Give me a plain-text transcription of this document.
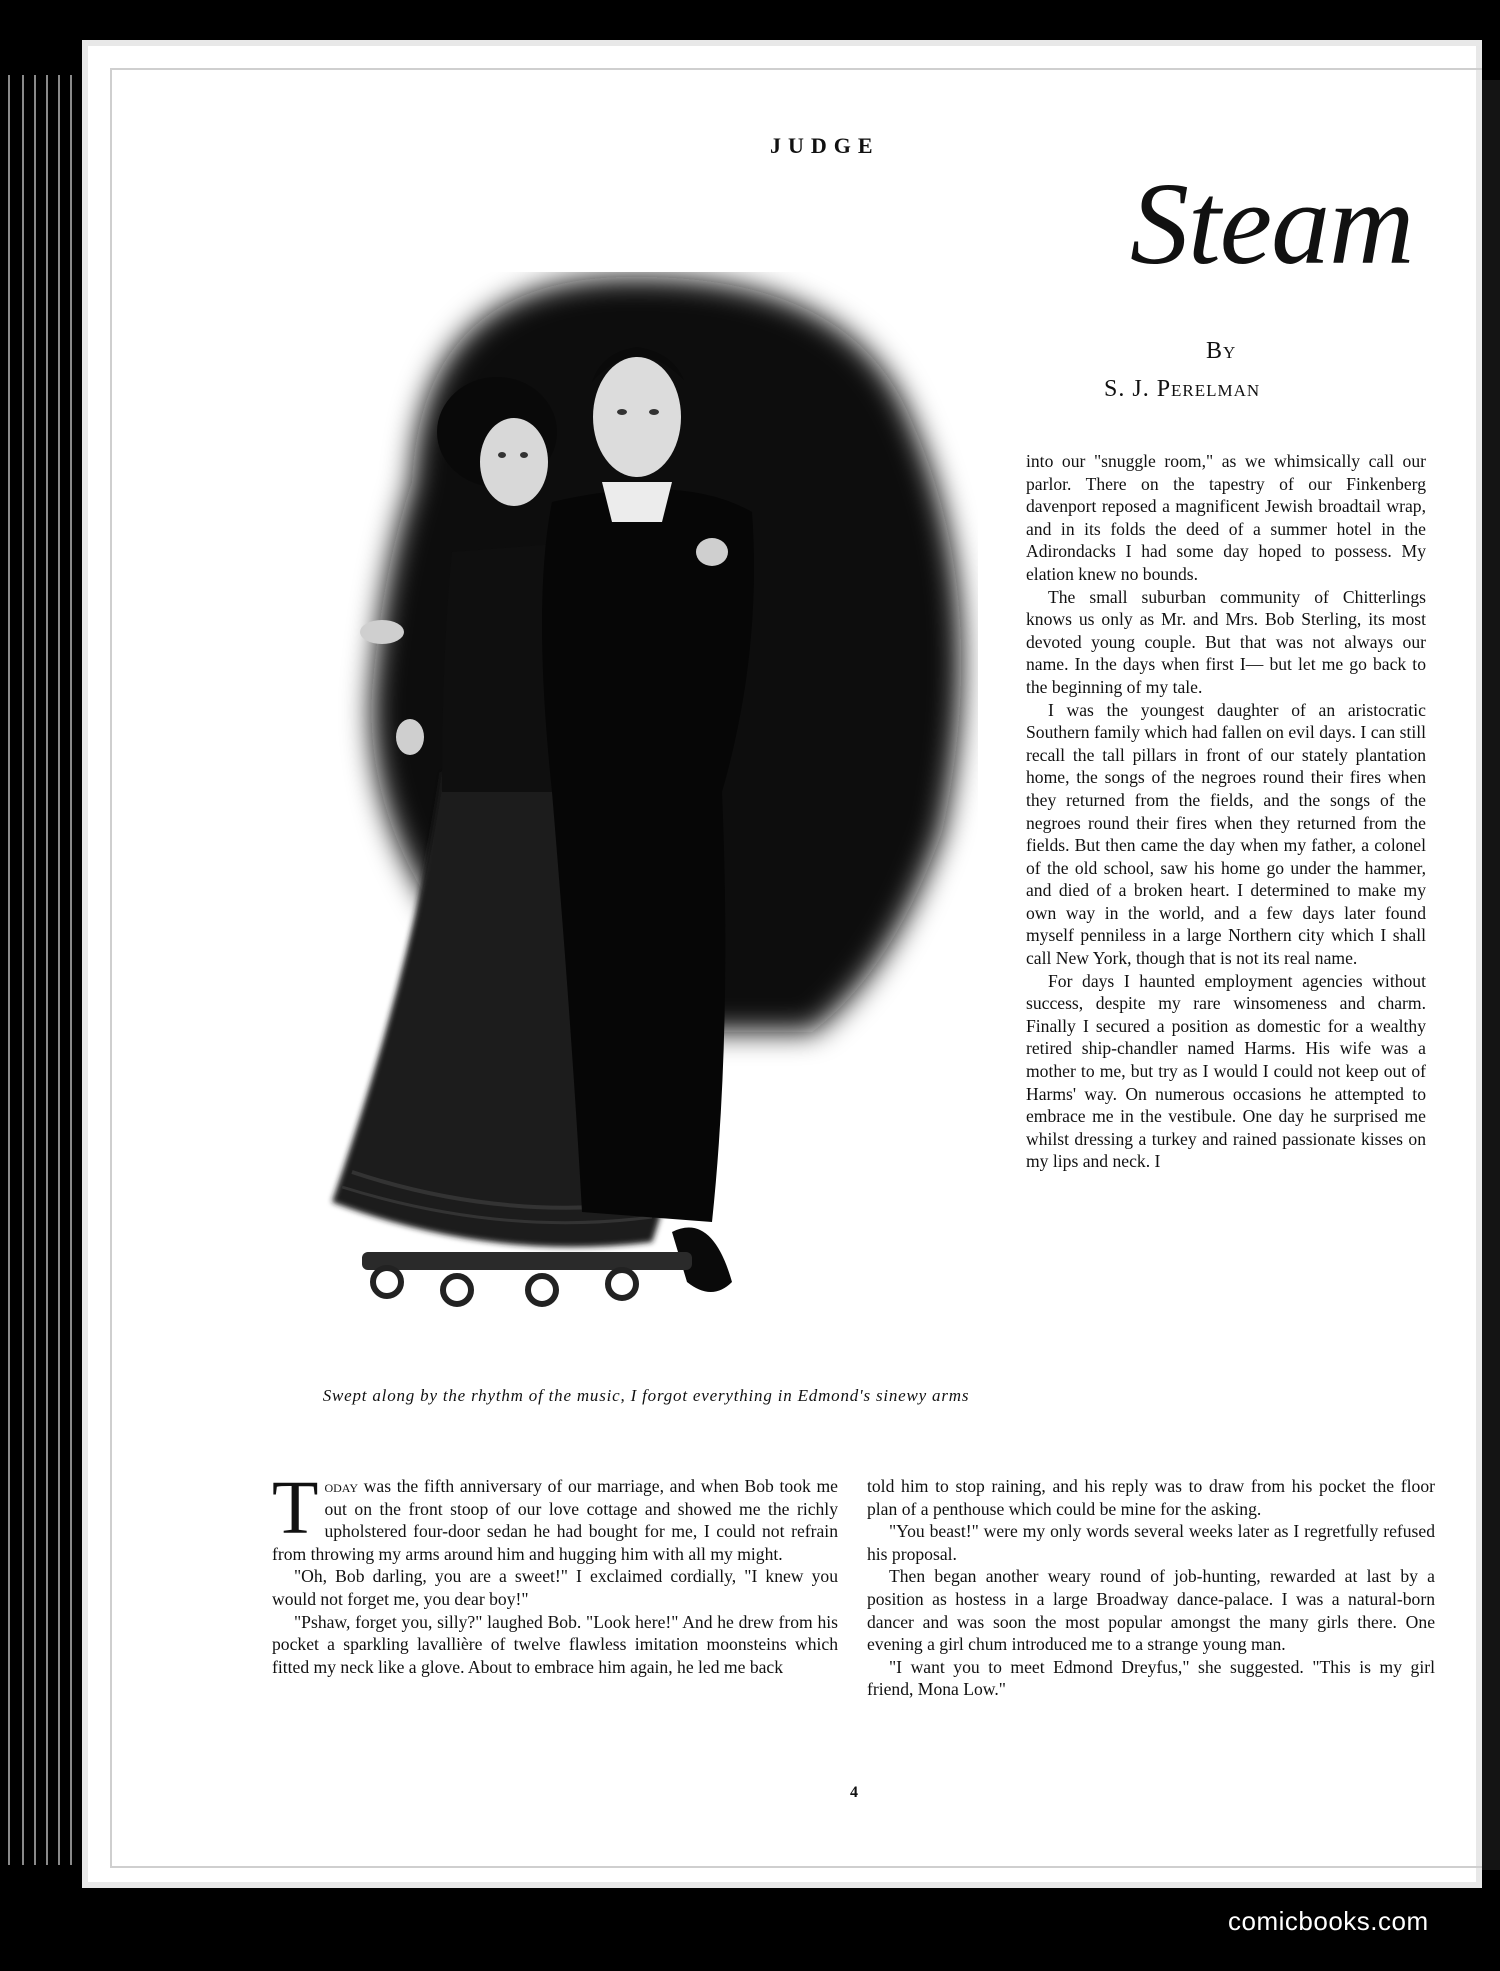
JUDGE
Steam
By
S. J. Perelman
Swept along by the rhythm of the music, I forgot everything in Edmond's sinewy arms

into our "snuggle room," as we whimsically call our parlor. There on the tapestry of our Finkenberg davenport reposed a magnificent Jewish broadtail wrap, and in its folds the deed of a summer hotel in the Adirondacks I had some day hoped to possess. My elation knew no bounds.

The small suburban community of Chitterlings knows us only as Mr. and Mrs. Bob Sterling, its most devoted young couple. But that was not always our name. In the days when first I— but let me go back to the beginning of my tale.

I was the youngest daughter of an aristocratic Southern family which had fallen on evil days. I can still recall the tall pillars in front of our stately plantation home, the songs of the negroes round their fires when they returned from the fields, and the songs of the negroes round their fires when they returned from the fields. But then came the day when my father, a colonel of the old school, saw his home go under the hammer, and died of a broken heart. I determined to make my own way in the world, and a few days later found myself penniless in a large Northern city which I shall call New York, though that is not its real name.

For days I haunted employment agencies without success, despite my rare winsomeness and charm. Finally I secured a position as domestic for a wealthy retired ship-chandler named Harms. His wife was a mother to me, but try as I would I could not keep out of Harms' way. On numerous occasions he attempted to embrace me in the vestibule. One day he surprised me whilst dressing a turkey and rained passionate kisses on my lips and neck. I

Today was the fifth anniversary of our marriage, and when Bob took me out on the front stoop of our love cottage and showed me the richly upholstered four-door sedan he had bought for me, I could not refrain from throwing my arms around him and hugging him with all my might.

"Oh, Bob darling, you are a sweet!" I exclaimed cordially, "I knew you would not forget me, you dear boy!"

"Pshaw, forget you, silly?" laughed Bob. "Look here!" And he drew from his pocket a sparkling lavallière of twelve flawless imitation moonsteins which fitted my neck like a glove. About to embrace him again, he led me back

told him to stop raining, and his reply was to draw from his pocket the floor plan of a penthouse which could be mine for the asking.

"You beast!" were my only words several weeks later as I regretfully refused his proposal.

Then began another weary round of job-hunting, rewarded at last by a position as hostess in a large Broadway dance-palace. I was a natural-born dancer and was soon the most popular amongst the many girls there. One evening a girl chum introduced me to a strange young man.

"I want you to meet Edmond Dreyfus," she suggested. "This is my girl friend, Mona Low."

4
comicbooks.com
